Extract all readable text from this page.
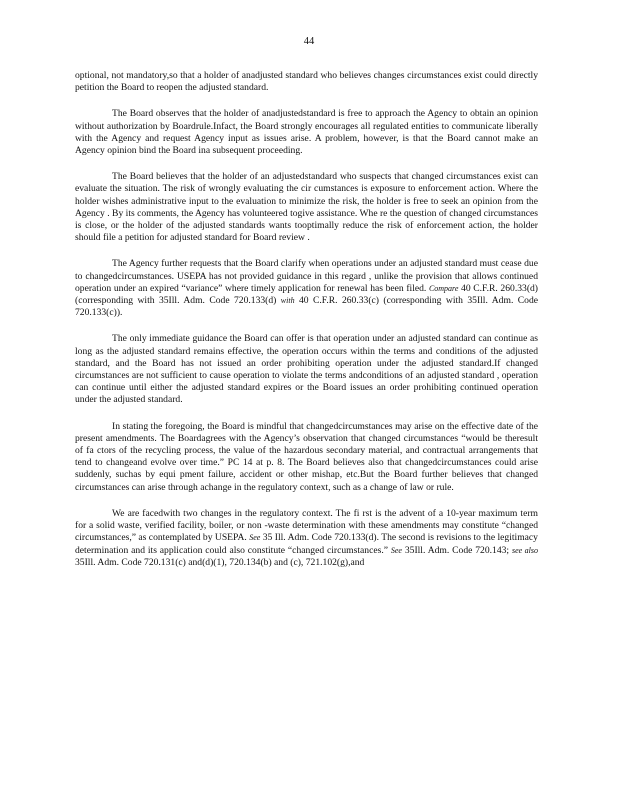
44

optional, not mandatory,so that a holder of anadjusted standard who believes changes circumstances exist could directly petition the Board to reopen the adjusted standard.

The Board observes that the holder of anadjustedstandard is free to approach the Agency to obtain an opinion without authorization by Boardrule.Infact, the Board strongly encourages all regulated entities to communicate liberally with the Agency and request Agency input as issues arise. A problem, however, is that the Board cannot make an Agency opinion bind the Board ina subsequent proceeding.

The Board believes that the holder of an adjustedstandard who suspects that changed circumstances exist can evaluate the situation. The risk of wrongly evaluating the cir cumstances is exposure to enforcement action. Where the holder wishes administrative input to the evaluation to minimize the risk, the holder is free to seek an opinion from the Agency . By its comments, the Agency has volunteered togive assistance. Whe re the question of changed circumstances is close, or the holder of the adjusted standards wants tooptimally reduce the risk of enforcement action, the holder should file a petition for adjusted standard for Board review .

The Agency further requests that the Board clarify when operations under an adjusted standard must cease due to changedcircumstances. USEPA has not provided guidance in this regard , unlike the provision that allows continued operation under an expired “variance” where timely application for renewal has been filed. Compare 40 C.F.R. 260.33(d) (corresponding with 35Ill. Adm. Code 720.133(d) with 40 C.F.R. 260.33(c) (corresponding with 35Ill. Adm. Code 720.133(c)).

The only immediate guidance the Board can offer is that operation under an adjusted standard can continue as long as the adjusted standard remains effective, the operation occurs within the terms and conditions of the adjusted standard, and the Board has not issued an order prohibiting operation under the adjusted standard.If changed circumstances are not sufficient to cause operation to violate the terms andconditions of an adjusted standard , operation can continue until either the adjusted standard expires or the Board issues an order prohibiting continued operation under the adjusted standard.

In stating the foregoing, the Board is mindful that changedcircumstances may arise on the effective date of the present amendments. The Boardagrees with the Agency’s observation that changed circumstances “would be theresult of fa ctors of the recycling process, the value of the hazardous secondary material, and contractual arrangements that tend to changeand evolve over time.” PC 14 at p. 8. The Board believes also that changedcircumstances could arise suddenly, suchas by equi pment failure, accident or other mishap, etc.But the Board further believes that changed circumstances can arise through achange in the regulatory context, such as a change of law or rule.

We are facedwith two changes in the regulatory context. The fi rst is the advent of a 10-year maximum term for a solid waste, verified facility, boiler, or non -waste determination with these amendments may constitute “changed circumstances,” as contemplated by USEPA. See 35 Ill. Adm. Code 720.133(d). The second is revisions to the legitimacy determination and its application could also constitute “changed circumstances.” See 35Ill. Adm. Code 720.143; see also 35Ill. Adm. Code 720.131(c) and(d)(1), 720.134(b) and (c), 721.102(g),and
